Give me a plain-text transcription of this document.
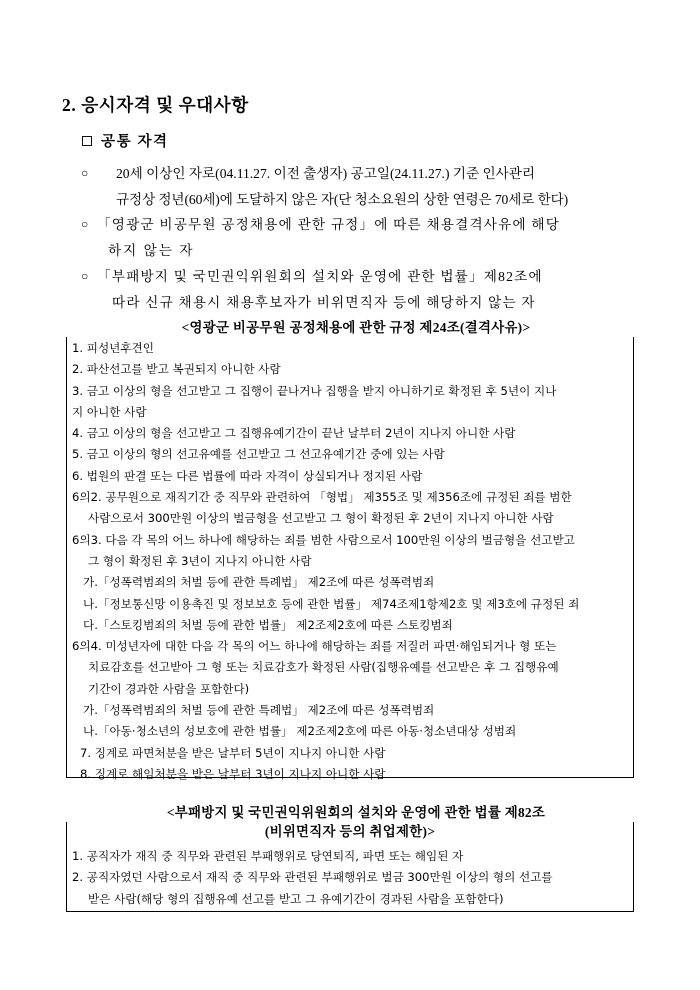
2. 응시자격 및 우대사항
공통 자격
○	20세 이상인 자로(04.11.27. 이전 출생자) 공고일(24.11.27.) 기준 인사관리
규정상 정년(60세)에 도달하지 않은 자(단 청소요원의 상한 연령은 70세로 한다)
○ 「영광군 비공무원 공정채용에 관한 규정」에 따른 채용결격사유에 해당
하지 않는 자
○ 「부패방지 및 국민권익위원회의 설치와 운영에 관한 법률」제82조에
따라 신규 채용시 채용후보자가 비위면직자 등에 해당하지 않는 자
<영광군 비공무원 공정채용에 관한 규정 제24조(결격사유)>
1. 피성년후견인
2. 파산선고를 받고 복권되지 아니한 사람
3. 금고 이상의 형을 선고받고 그 집행이 끝나거나 집행을 받지 아니하기로 확정된 후 5년이 지나
지 아니한 사람
4. 금고 이상의 형을 선고받고 그 집행유예기간이 끝난 날부터 2년이 지나지 아니한 사람
5. 금고 이상의 형의 선고유예를 선고받고 그 선고유예기간 중에 있는 사람
6. 법원의 판결 또는 다른 법률에 따라 자격이 상실되거나 정지된 사람
6의2. 공무원으로 재직기간 중 직무와 관련하여 「형법」 제355조 및 제356조에 규정된 죄를 범한
사람으로서 300만원 이상의 벌금형을 선고받고 그 형이 확정된 후 2년이 지나지 아니한 사람
6의3. 다음 각 목의 어느 하나에 해당하는 죄를 범한 사람으로서 100만원 이상의 벌금형을 선고받고
그 형이 확정된 후 3년이 지나지 아니한 사람
가.「성폭력범죄의 처벌 등에 관한 특례법」 제2조에 따른 성폭력범죄
나.「정보통신망 이용촉진 및 정보보호 등에 관한 법률」 제74조제1항제2호 및 제3호에 규정된 죄
다.「스토킹범죄의 처벌 등에 관한 법률」 제2조제2호에 따른 스토킹범죄
6의4. 미성년자에 대한 다음 각 목의 어느 하나에 해당하는 죄를 저질러 파면·해임되거나 형 또는
치료감호를 선고받아 그 형 또는 치료감호가 확정된 사람(집행유예를 선고받은 후 그 집행유예
기간이 경과한 사람을 포함한다)
가.「성폭력범죄의 처벌 등에 관한 특례법」 제2조에 따른 성폭력범죄
나.「아동·청소년의 성보호에 관한 법률」 제2조제2호에 따른 아동·청소년대상 성범죄
7. 징계로 파면처분을 받은 날부터 5년이 지나지 아니한 사람
8. 징계로 해임처분을 받은 날부터 3년이 지나지 아니한 사람
<부패방지 및 국민권익위원회의 설치와 운영에 관한 법률 제82조
(비위면직자 등의 취업제한)>
1. 공직자가 재직 중 직무와 관련된 부패행위로 당연퇴직, 파면 또는 해임된 자
2. 공직자였던 사람으로서 재직 중 직무와 관련된 부패행위로 벌금 300만원 이상의 형의 선고를
받은 사람(해당 형의 집행유예 선고를 받고 그 유예기간이 경과된 사람을 포함한다)
